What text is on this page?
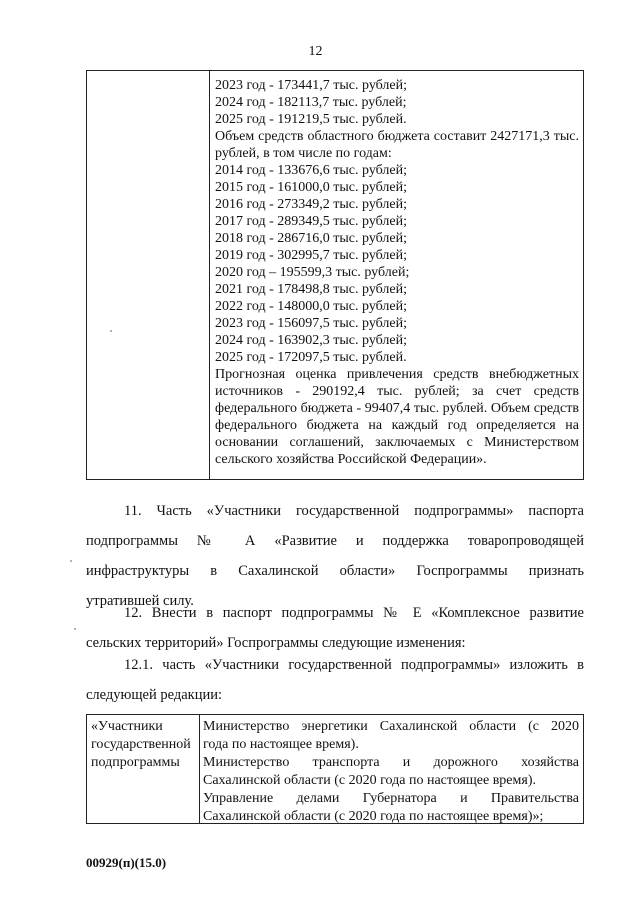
12
2023 год - 173441,7 тыс. рублей;
2024 год - 182113,7 тыс. рублей;
2025 год - 191219,5 тыс. рублей.
Объем средств областного бюджета составит 2427171,3 тыс. рублей, в том числе по годам:
2014 год - 133676,6 тыс. рублей;
2015 год - 161000,0 тыс. рублей;
2016 год - 273349,2 тыс. рублей;
2017 год - 289349,5 тыс. рублей;
2018 год - 286716,0 тыс. рублей;
2019 год - 302995,7 тыс. рублей;
2020 год – 195599,3 тыс. рублей;
2021 год - 178498,8 тыс. рублей;
2022 год - 148000,0 тыс. рублей;
2023 год - 156097,5 тыс. рублей;
2024 год - 163902,3 тыс. рублей;
2025 год - 172097,5 тыс. рублей.
Прогнозная оценка привлечения средств внебюджетных источников - 290192,4 тыс. рублей; за счет средств федерального бюджета - 99407,4 тыс. рублей. Объем средств федерального бюджета на каждый год определяется на основании соглашений, заключаемых с Министерством сельского хозяйства Российской Федерации».
11. Часть «Участники государственной подпрограммы» паспорта
подпрограммы № А «Развитие и поддержка товаропроводящей
инфраструктуры в Сахалинской области» Госпрограммы признать
утратившей силу.
12. Внести в паспорт подпрограммы № Е «Комплексное развитие
сельских территорий» Госпрограммы следующие изменения:
12.1. часть «Участники государственной подпрограммы» изложить в
следующей редакции:
«Участники государственной подпрограммы
Министерство энергетики Сахалинской области (с 2020
года по настоящее время).
Министерство транспорта и дорожного хозяйства
Сахалинской области (с 2020 года по настоящее время).
Управление делами Губернатора и Правительства
Сахалинской области (с 2020 года по настоящее время)»;
00929(п)(15.0)
